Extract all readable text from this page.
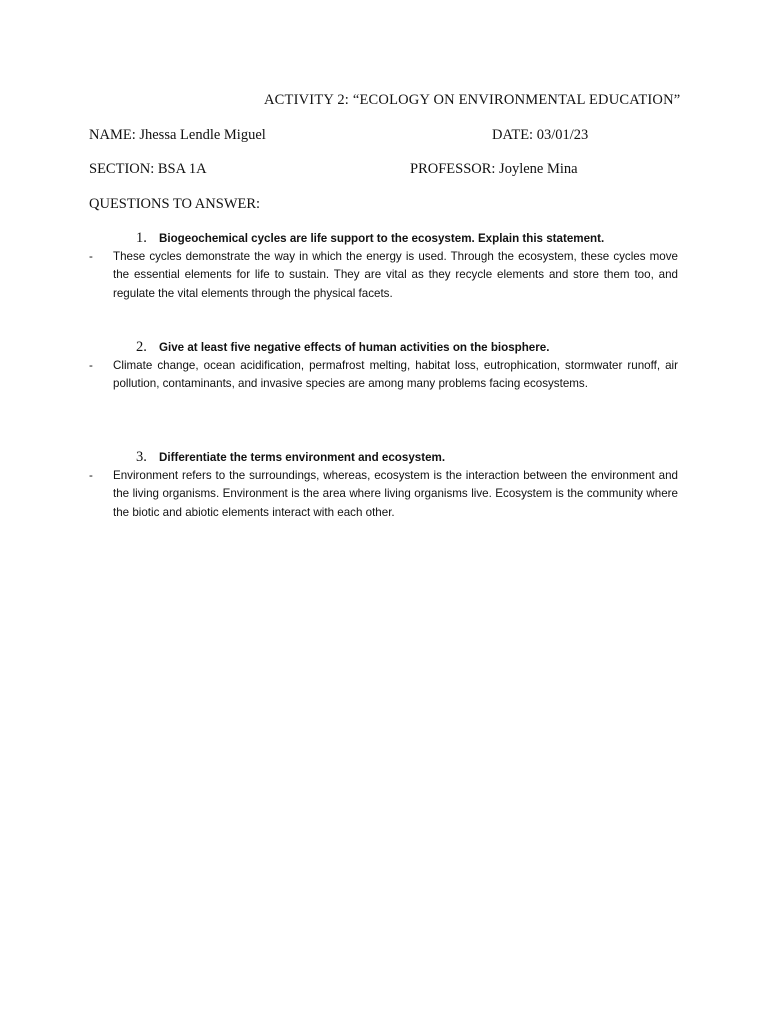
ACTIVITY 2: “ECOLOGY ON ENVIRONMENTAL EDUCATION”
NAME: Jhessa Lendle Miguel	DATE: 03/01/23
SECTION: BSA 1A	PROFESSOR: Joylene Mina
QUESTIONS TO ANSWER:
1. Biogeochemical cycles are life support to the ecosystem. Explain this statement.
- These cycles demonstrate the way in which the energy is used. Through the ecosystem, these cycles move the essential elements for life to sustain. They are vital as they recycle elements and store them too, and regulate the vital elements through the physical facets.
2. Give at least five negative effects of human activities on the biosphere.
- Climate change, ocean acidification, permafrost melting, habitat loss, eutrophication, stormwater runoff, air pollution, contaminants, and invasive species are among many problems facing ecosystems.
3. Differentiate the terms environment and ecosystem.
- Environment refers to the surroundings, whereas, ecosystem is the interaction between the environment and the living organisms. Environment is the area where living organisms live. Ecosystem is the community where the biotic and abiotic elements interact with each other.
